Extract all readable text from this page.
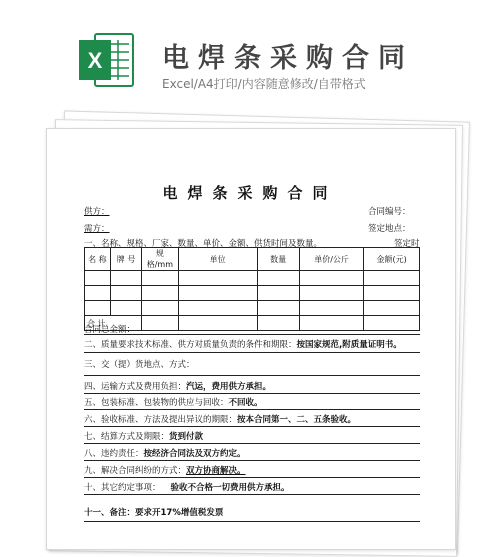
X 电焊条采购合同
Excel/A4打印/内容随意修改/自带格式
电焊条采购合同
供方：	合同编号：
需方：	签定地点：
一、名称、规格、厂家、数量、单价、金额、供货时间及数量。	签定时
名 称	牌 号	规格/mm	单位	数量	单价/公斤	金额(元)

合 计						
合同总金额：
二、质量要求技术标准、供方对质量负责的条件和期限：按国家规范,附质量证明书。
三、交（提）货地点、方式：
四、运输方式及费用负担：汽运，费用供方承担。
五、包装标准、包装物的供应与回收：不回收。
六、验收标准、方法及提出异议的期限：按本合同第一、二、五条验收。
七、结算方式及期限：货到付款
八、违约责任：按经济合同法及双方约定。
九、解决合同纠纷的方式：双方协商解决。
十、其它约定事项： 验收不合格一切费用供方承担。
十一、备注：要求开17%增值税发票
